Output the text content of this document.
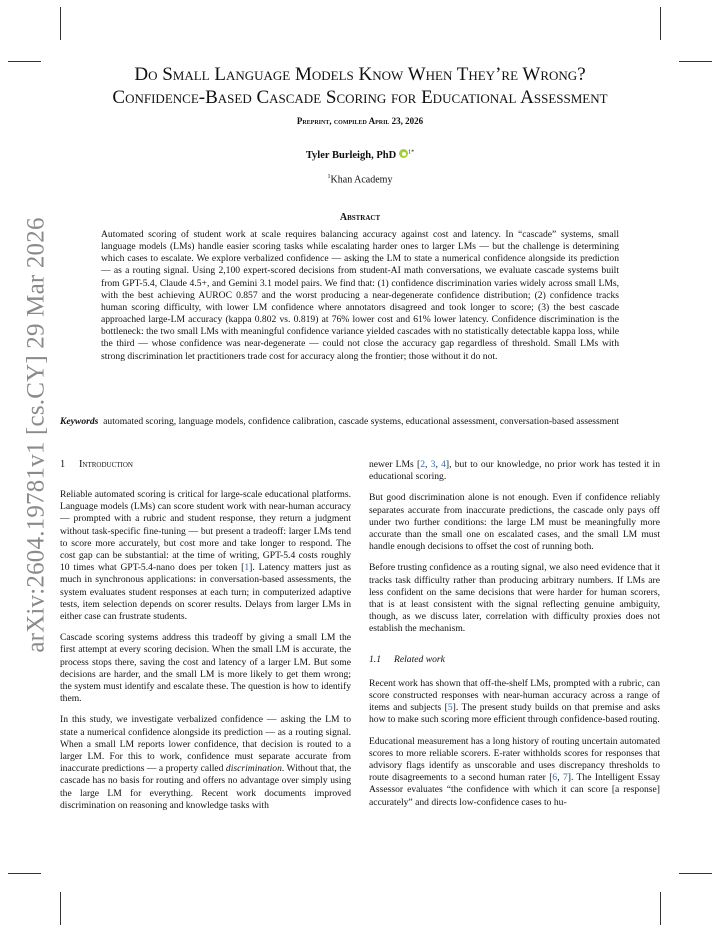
arXiv:2604.19781v1 [cs.CY] 29 Mar 2026
Do Small Language Models Know When They’re Wrong?
Confidence-Based Cascade Scoring for Educational Assessment
Preprint, compiled April 23, 2026
Tyler Burleigh, PhD $^{1*}$
$^1$Khan Academy
Abstract

Automated scoring of student work at scale requires balancing accuracy against cost and latency. In “cascade” systems, small language models (LMs) handle easier scoring tasks while escalating harder ones to larger LMs — but the challenge is determining which cases to escalate. We explore verbalized confidence — asking the LM to state a numerical confidence alongside its prediction — as a routing signal. Using 2,100 expert-scored decisions from student-AI math conversations, we evaluate cascade systems built from GPT-5.4, Claude 4.5+, and Gemini 3.1 model pairs. We find that: (1) confidence discrimination varies widely across small LMs, with the best achieving AUROC 0.857 and the worst producing a near-degenerate confidence distribution; (2) confidence tracks human scoring difficulty, with lower LM confidence where annotators disagreed and took longer to score; (3) the best cascade approached large-LM accuracy (kappa 0.802 vs. 0.819) at 76% lower cost and 61% lower latency. Confidence discrimination is the bottleneck: the two small LMs with meaningful confidence variance yielded cascades with no statistically detectable kappa loss, while the third — whose confidence was near-degenerate — could not close the accuracy gap regardless of threshold. Small LMs with strong discrimination let practitioners trade cost for accuracy along the frontier; those without it do not.

Keywords automated scoring, language models, confidence calibration, cascade systems, educational assessment, conversation-based assessment

1 Introduction

Reliable automated scoring is critical for large-scale educational platforms. Language models (LMs) can score student work with near-human accuracy — prompted with a rubric and student response, they return a judgment without task-specific fine-tuning — but present a tradeoff: larger LMs tend to score more accurately, but cost more and take longer to respond. The cost gap can be substantial: at the time of writing, GPT-5.4 costs roughly 10 times what GPT-5.4-nano does per token [1]. Latency matters just as much in synchronous applications: in conversation-based assessments, the system evaluates student responses at each turn; in computerized adaptive tests, item selection depends on scorer results. Delays from larger LMs in either case can frustrate students.

Cascade scoring systems address this tradeoff by giving a small LM the first attempt at every scoring decision. When the small LM is accurate, the process stops there, saving the cost and latency of a larger LM. But some decisions are harder, and the small LM is more likely to get them wrong; the system must identify and escalate these. The question is how to identify them.

In this study, we investigate verbalized confidence — asking the LM to state a numerical confidence alongside its prediction — as a routing signal. When a small LM reports lower confidence, that decision is routed to a larger LM. For this to work, confidence must separate accurate from inaccurate predictions — a property called discrimination. Without that, the cascade has no basis for routing and offers no advantage over simply using the large LM for everything. Recent work documents improved discrimination on reasoning and knowledge tasks with

newer LMs [2, 3, 4], but to our knowledge, no prior work has tested it in educational scoring.

But good discrimination alone is not enough. Even if confidence reliably separates accurate from inaccurate predictions, the cascade only pays off under two further conditions: the large LM must be meaningfully more accurate than the small one on escalated cases, and the small LM must handle enough decisions to offset the cost of running both.

Before trusting confidence as a routing signal, we also need evidence that it tracks task difficulty rather than producing arbitrary numbers. If LMs are less confident on the same decisions that were harder for human scorers, that is at least consistent with the signal reflecting genuine ambiguity, though, as we discuss later, correlation with difficulty proxies does not establish the mechanism.

1.1 Related work

Recent work has shown that off-the-shelf LMs, prompted with a rubric, can score constructed responses with near-human accuracy across a range of items and subjects [5]. The present study builds on that premise and asks how to make such scoring more efficient through confidence-based routing.

Educational measurement has a long history of routing uncertain automated scores to more reliable scorers. E-rater withholds scores for responses that advisory flags identify as unscorable and uses discrepancy thresholds to route disagreements to a second human rater [6, 7]. The Intelligent Essay Assessor evaluates “the confidence with which it can score [a response] accurately” and directs low-confidence cases to hu-
